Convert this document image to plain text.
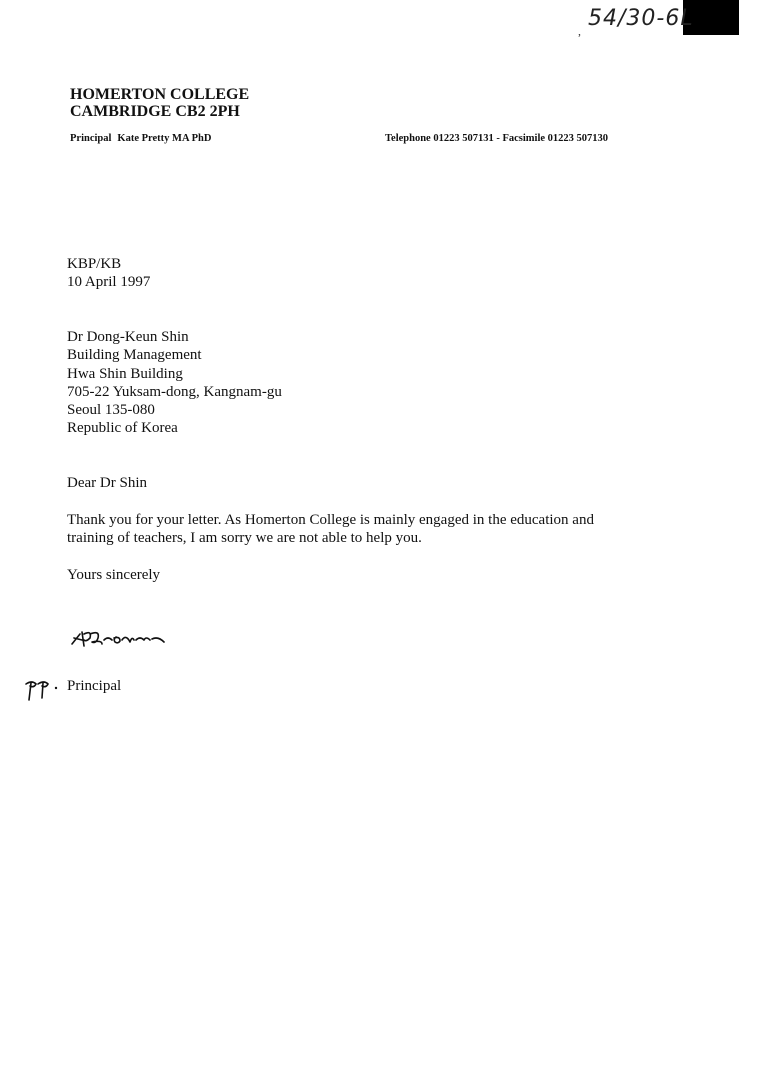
, 54/30-6L
HOMERTON COLLEGE
CAMBRIDGE CB2 2PH
Principal Kate Pretty MA PhD	Telephone 01223 507131 - Facsimile 01223 507130
KBP/KB
10 April 1997
Dr Dong-Keun Shin
Building Management
Hwa Shin Building
705-22 Yuksam-dong, Kangnam-gu
Seoul 135-080
Republic of Korea
Dear Dr Shin
Thank you for your letter. As Homerton College is mainly engaged in the education and
training of teachers, I am sorry we are not able to help you.
Yours sincerely
Principal
